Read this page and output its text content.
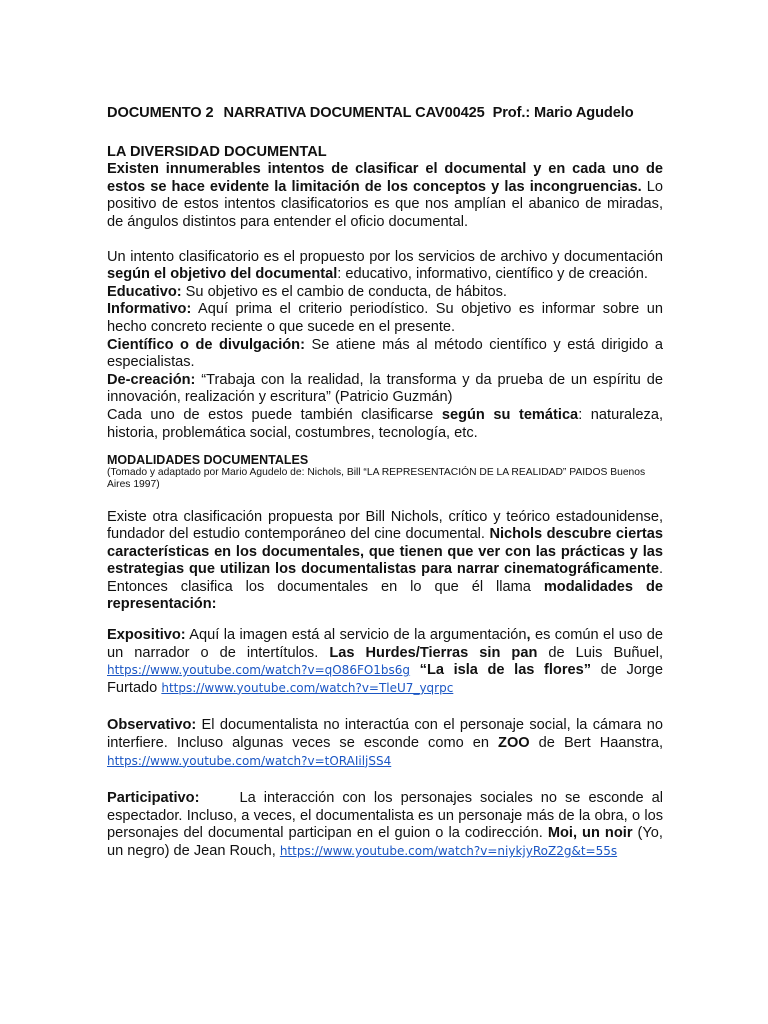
DOCUMENTO 2 NARRATIVA DOCUMENTAL CAV00425 Prof.: Mario Agudelo
LA DIVERSIDAD DOCUMENTAL

Existen innumerables intentos de clasificar el documental y en cada uno de estos se hace evidente la limitación de los conceptos y las incongruencias. Lo positivo de estos intentos clasificatorios es que nos amplían el abanico de miradas, de ángulos distintos para entender el oficio documental.

Un intento clasificatorio es el propuesto por los servicios de archivo y documentación según el objetivo del documental: educativo, informativo, científico y de creación.

Educativo: Su objetivo es el cambio de conducta, de hábitos.

Informativo: Aquí prima el criterio periodístico. Su objetivo es informar sobre un hecho concreto reciente o que sucede en el presente.

Científico o de divulgación: Se atiene más al método científico y está dirigido a especialistas.

De-creación: “Trabaja con la realidad, la transforma y da prueba de un espíritu de innovación, realización y escritura” (Patricio Guzmán)

Cada uno de estos puede también clasificarse según su temática: naturaleza, historia, problemática social, costumbres, tecnología, etc.

MODALIDADES DOCUMENTALES
(Tomado y adaptado por Mario Agudelo de: Nichols, Bill “LA REPRESENTACIÓN DE LA REALIDAD” PAIDOS Buenos Aires 1997)

Existe otra clasificación propuesta por Bill Nichols, crítico y teórico estadounidense, fundador del estudio contemporáneo del cine documental. Nichols descubre ciertas características en los documentales, que tienen que ver con las prácticas y las estrategias que utilizan los documentalistas para narrar cinematográficamente. Entonces clasifica los documentales en lo que él llama modalidades de representación:

Expositivo: Aquí la imagen está al servicio de la argumentación, es común el uso de un narrador o de intertítulos. Las Hurdes/Tierras sin pan de Luis Buñuel, https://www.youtube.com/watch?v=qO86FO1bs6g “La isla de las flores” de Jorge Furtado https://www.youtube.com/watch?v=TleU7_yqrpc

Observativo: El documentalista no interactúa con el personaje social, la cámara no interfiere. Incluso algunas veces se esconde como en ZOO de Bert Haanstra, https://www.youtube.com/watch?v=tORAIiljSS4

Participativo:     La interacción con los personajes sociales no se esconde al espectador. Incluso, a veces, el documentalista es un personaje más de la obra, o los personajes del documental participan en el guion o la codirección. Moi, un noir (Yo, un negro) de Jean Rouch, https://www.youtube.com/watch?v=niykjyRoZ2g&t=55s
